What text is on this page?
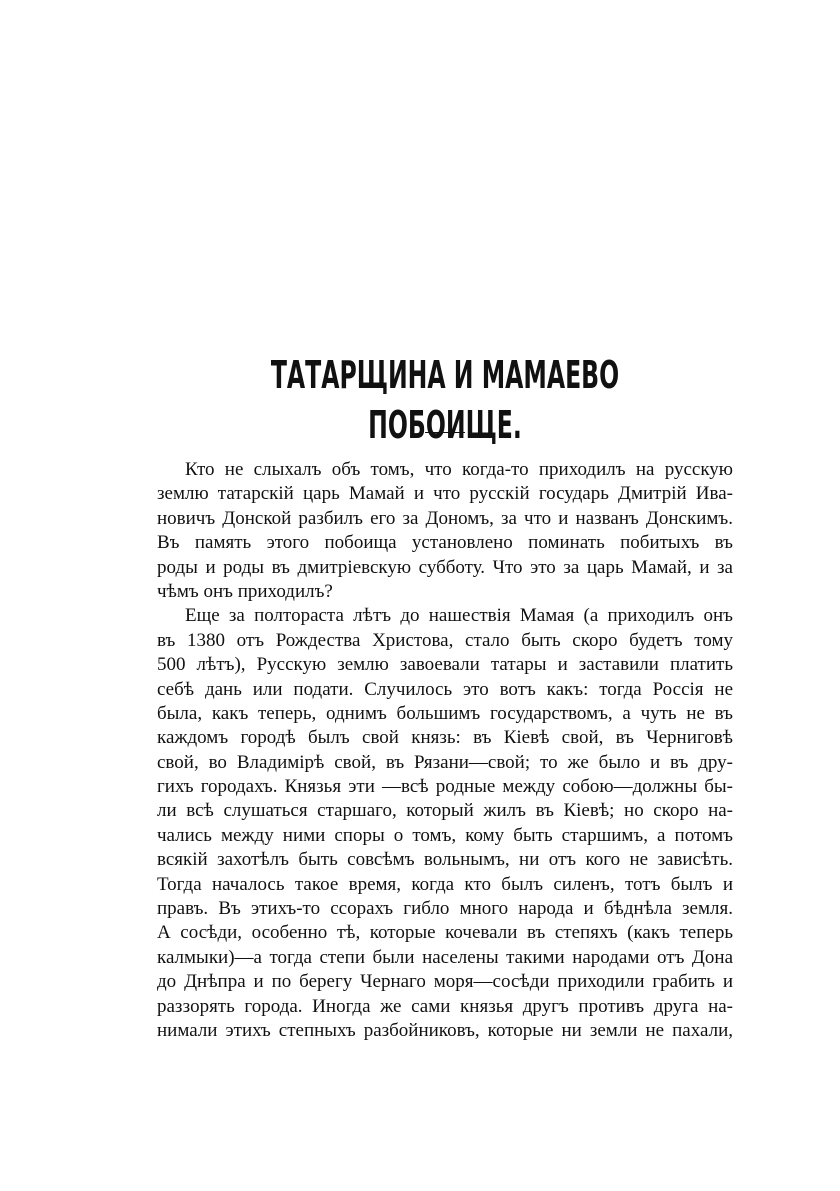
ТАТАРЩИНА И МАМАЕВО ПОБОИЩЕ.
Кто не слыхалъ объ томъ, что когда-то приходилъ на русскую
землю татарскій царь Мамай и что русскій государь Дмитрій Ива-
новичъ Донской разбилъ его за Дономъ, за что и названъ Донскимъ.
Въ память этого побоища установлено поминать побитыхъ въ
роды и роды въ дмитріевскую субботу. Что это за царь Мамай, и за
чѣмъ онъ приходилъ?
Еще за полтораста лѣтъ до нашествія Мамая (а приходилъ онъ
въ 1380 отъ Рождества Христова, стало быть скоро будетъ тому
500 лѣтъ), Русскую землю завоевали татары и заставили платить
себѣ дань или подати. Случилось это вотъ какъ: тогда Россія не
была, какъ теперь, однимъ большимъ государствомъ, а чуть не въ
каждомъ городѣ былъ свой князь: въ Кіевѣ свой, въ Черниговѣ
свой, во Владимірѣ свой, въ Рязани—свой; то же было и въ дру-
гихъ городахъ. Князья эти —всѣ родные между собою—должны бы-
ли всѣ слушаться старшаго, который жилъ въ Кіевѣ; но скоро на-
чались между ними споры о томъ, кому быть старшимъ, а потомъ
всякій захотѣлъ быть совсѣмъ вольнымъ, ни отъ кого не зависѣть.
Тогда началось такое время, когда кто былъ силенъ, тотъ былъ и
правъ. Въ этихъ-то ссорахъ гибло много народа и бѣднѣла земля.
А сосѣди, особенно тѣ, которые кочевали въ степяхъ (какъ теперь
калмыки)—а тогда степи были населены такими народами отъ Дона
до Днѣпра и по берегу Чернаго моря—сосѣди приходили грабить и
раззорять города. Иногда же сами князья другъ противъ друга на-
нимали этихъ степныхъ разбойниковъ, которые ни земли не пахали,
